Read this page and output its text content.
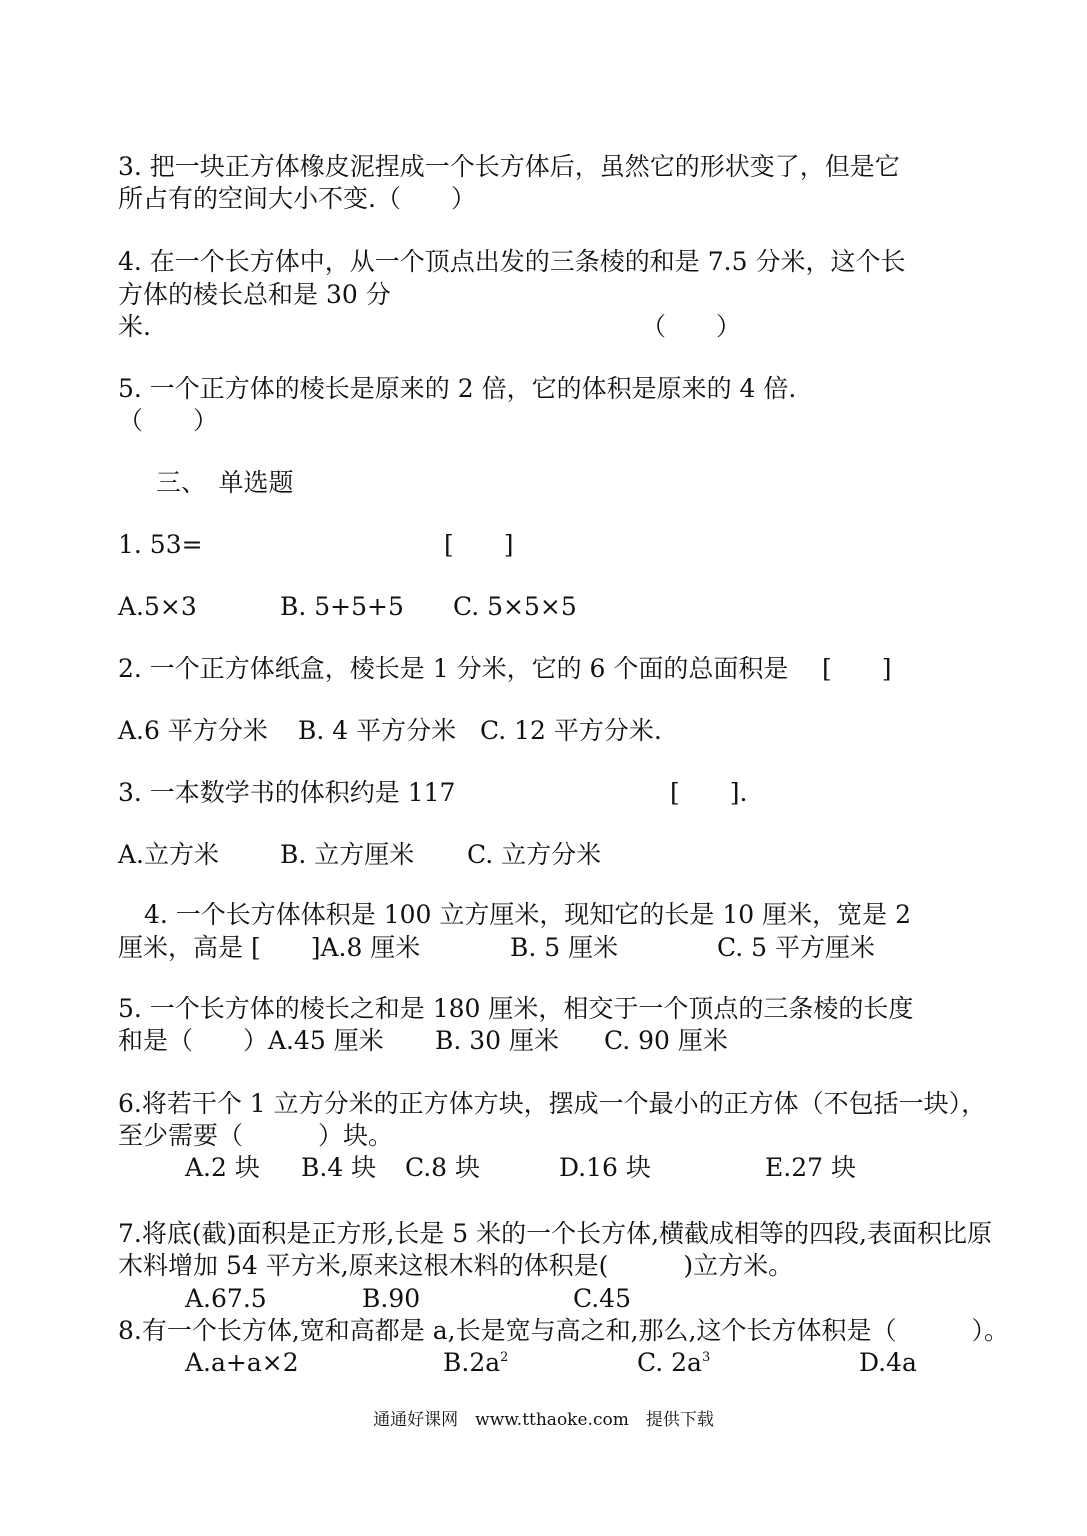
3. 把一块正方体橡皮泥捏成一个长方体后，虽然它的形状变了，但是它
所占有的空间大小不变.（　　）
4. 在一个长方体中，从一个顶点出发的三条棱的和是 7.5 分米，这个长
方体的棱长总和是 30 分
米.	（　　）
5. 一个正方体的棱长是原来的 2 倍，它的体积是原来的 4 倍.
（　　）
三、　单选题
1. 53=	[　　]
A.5×3	B. 5+5+5 C. 5×5×5
2. 一个正方体纸盒，棱长是 1 分米，它的 6 个面的总面积是 [　　]
A.6 平方分米 B. 4 平方分米 C. 12 平方分米.
3. 一本数学书的体积约是 117	[　　].
A.立方米 B. 立方厘米 C. 立方分米
4. 一个长方体体积是 100 立方厘米，现知它的长是 10 厘米，宽是 2
厘米，高是 [　　]A.8 厘米	B. 5 厘米	C. 5 平方厘米
5. 一个长方体的棱长之和是 180 厘米，相交于一个顶点的三条棱的长度
和是（　　）A.45 厘米 B. 30 厘米 C. 90 厘米
6.将若干个 1 立方分米的正方体方块，摆成一个最小的正方体（不包括一块），
至少需要（　　　）块。
A.2 块 B.4 块 C.8 块	D.16 块	E.27 块
7.将底(截)面积是正方形,长是 5 米的一个长方体,横截成相等的四段,表面积比原
木料增加 54 平方米,原来这根木料的体积是(　　　)立方米。
A.67.5	B.90	C.45
8.有一个长方体,宽和高都是 a,长是宽与高之和,那么,这个长方体积是（　　　）。
A.a+a×2	$B.2a^2$	C. $2a^3$	D.4a
通通好课网　www.tthaoke.com　提供下载
